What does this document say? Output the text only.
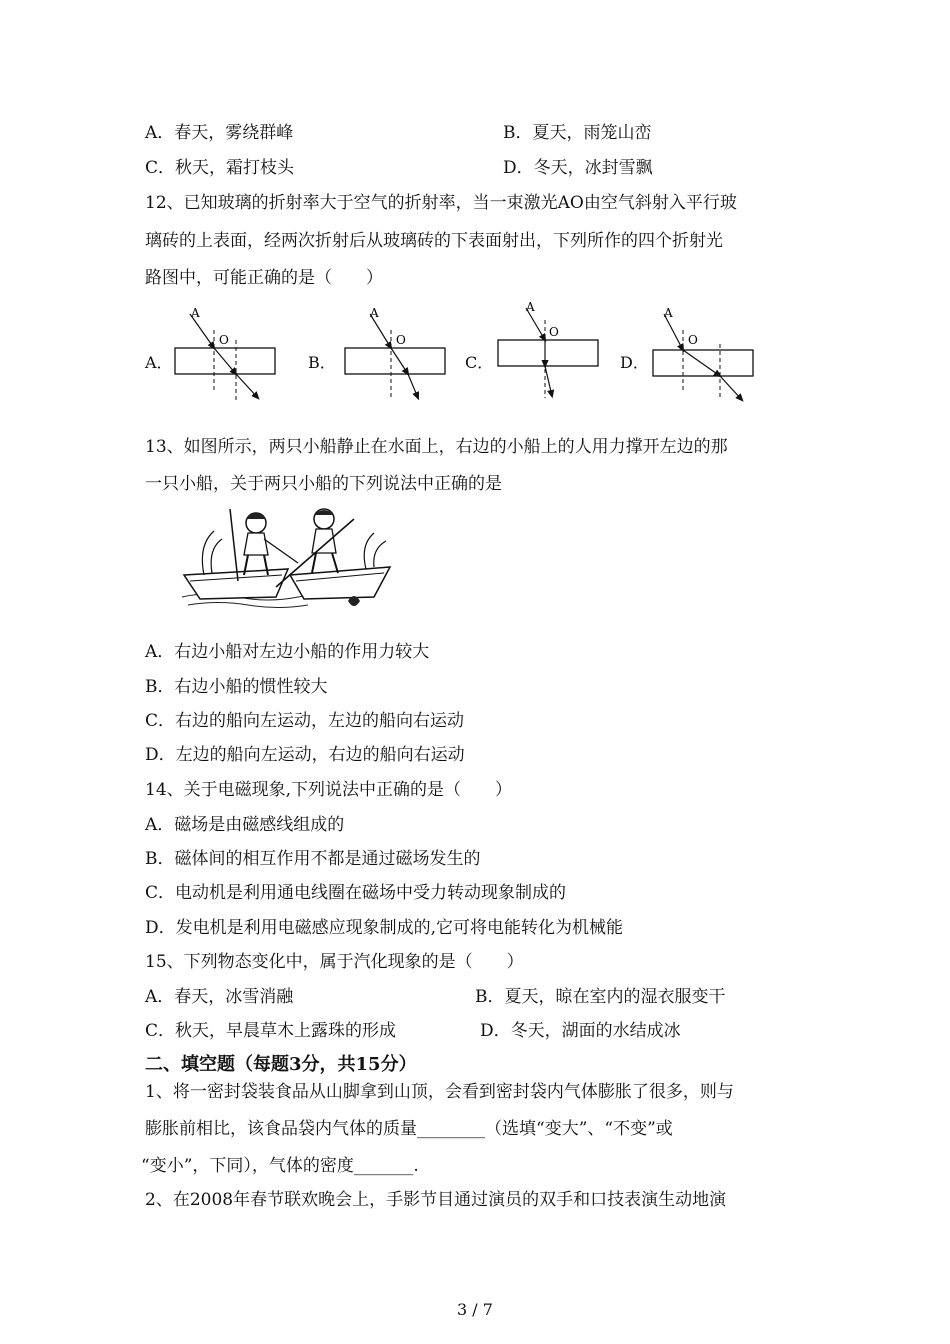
A．春天，雾绕群峰	B．夏天，雨笼山峦
C．秋天，霜打枝头	D．冬天，冰封雪飘
12、已知玻璃的折射率大于空气的折射率，当一束激光AO由空气斜射入平行玻
璃砖的上表面，经两次折射后从玻璃砖的下表面射出，下列所作的四个折射光
路图中，可能正确的是（　　）
A．	B．	C．	D．
A
O
A
O
A
O
A
O
13、如图所示，两只小船静止在水面上，右边的小船上的人用力撑开左边的那
一只小船，关于两只小船的下列说法中正确的是
A．右边小船对左边小船的作用力较大
B．右边小船的惯性较大
C．右边的船向左运动，左边的船向右运动
D．左边的船向左运动，右边的船向右运动
14、关于电磁现象,下列说法中正确的是（　　）
A．磁场是由磁感线组成的
B．磁体间的相互作用不都是通过磁场发生的
C．电动机是利用通电线圈在磁场中受力转动现象制成的
D．发电机是利用电磁感应现象制成的,它可将电能转化为机械能
15、下列物态变化中，属于汽化现象的是（　　）
A．春天，冰雪消融	B．夏天，晾在室内的湿衣服变干
C．秋天，早晨草木上露珠的形成	D．冬天，湖面的水结成冰
二、填空题（每题3分，共15分）
1、将一密封袋装食品从山脚拿到山顶，会看到密封袋内气体膨胀了很多，则与
膨胀前相比，该食品袋内气体的质量________（选填“变大”、“不变”或
“变小”，下同），气体的密度_______.
2、在2008年春节联欢晚会上，手影节目通过演员的双手和口技表演生动地演
3 / 7
